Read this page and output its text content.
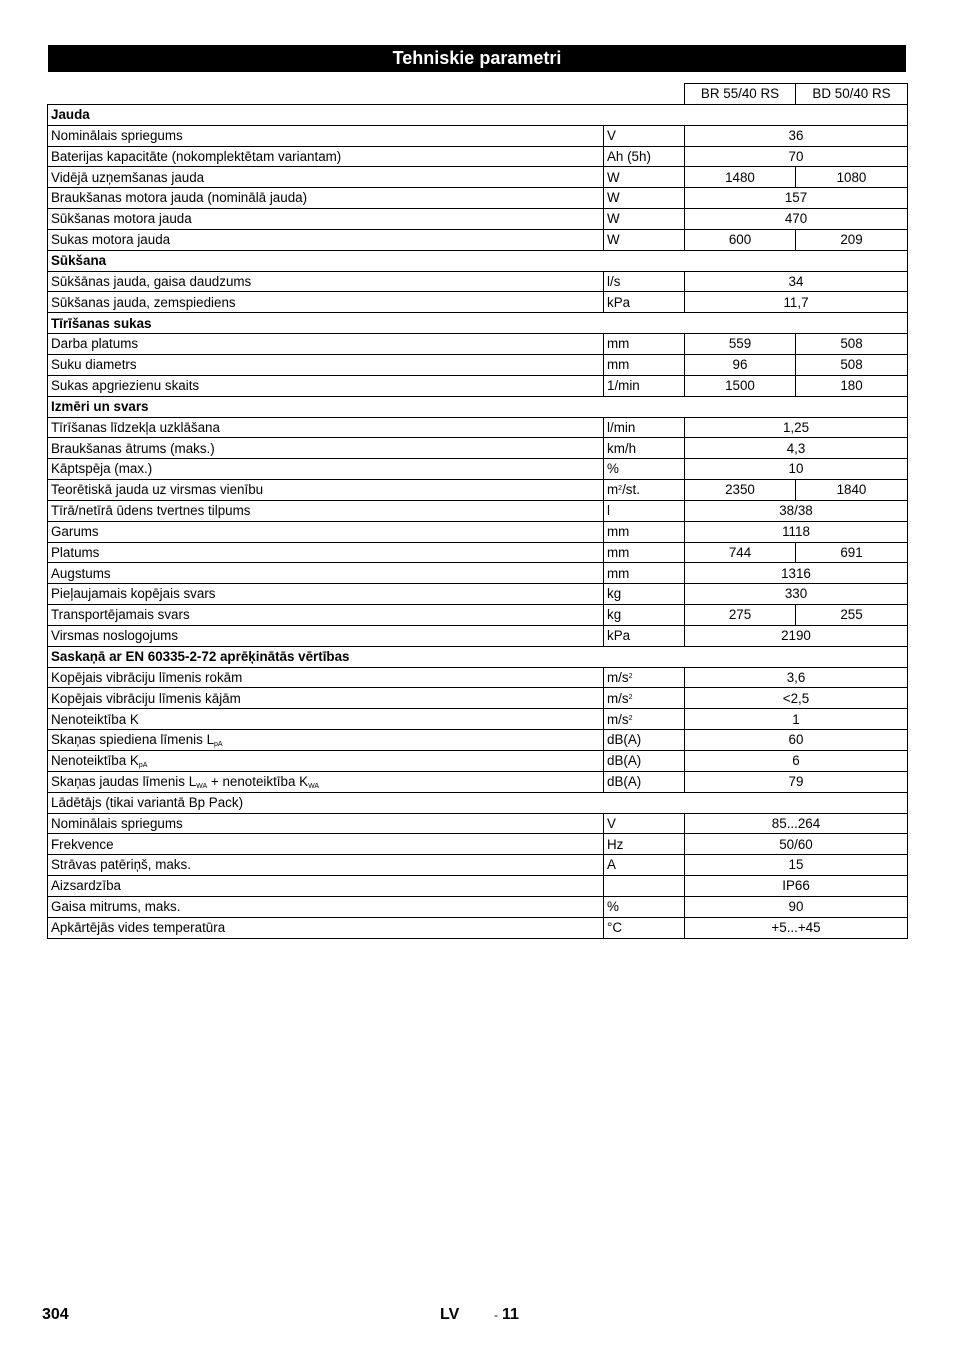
Tehniskie parametri
		BR 55/40 RS	BD 50/40 RS
Jauda			
Nominālais spriegums	V	36	
Baterijas kapacitāte (nokomplektētam variantam)	Ah (5h)	70	
Vidējā uzņemšanas jauda	W	1480	1080
Braukšanas motora jauda (nominālā jauda)	W	157	
Sūkšanas motora jauda	W	470	
Sukas motora jauda	W	600	209
Sūkšana			
Sūkšānas jauda, gaisa daudzums	l/s	34	
Sūkšanas jauda, zemspiediens	kPa	11,7	
Tīrīšanas sukas			
Darba platums	mm	559	508
Suku diametrs	mm	96	508
Sukas apgriezienu skaits	1/min	1500	180
Izmēri un svars			
Tīrīšanas līdzekļa uzklāšana	l/min	1,25	
Braukšanas ātrums (maks.)	km/h	4,3	
Kāptspēja (max.)	%	10	
Teorētiskā jauda uz virsmas vienību	$m^2/st$.	2350	1840
Tīrā/netīrā ūdens tvertnes tilpums	l	38/38	
Garums	mm	1118	
Platums	mm	744	691
Augstums	mm	1316	
Pieļaujamais kopējais svars	kg	330	
Transportējamais svars	kg	275	255
Virsmas noslogojums	kPa	2190	
Saskaņā ar EN 60335-2-72 aprēķinātās vērtības			
Kopējais vibrāciju līmenis rokām	$m/s^2$	3,6	
Kopējais vibrāciju līmenis kājām	$m/s^2$	<2,5	
Nenoteiktība K	$m/s^2$	1	
Skaņas spiediena līmenis $L_{pA}$	dB(A)	60	
Nenoteiktība $K_{pA}$	dB(A)	6	
Skaņas jaudas līmenis $L_{WA}$ + nenoteiktība $K_{WA}$	dB(A)	79	
Lādētājs (tikai variantā Bp Pack)			
Nominālais spriegums	V	85...264	
Frekvence	Hz	50/60	
Strāvas patēriņš, maks.	A	15	
Aizsardzība		IP66	
Gaisa mitrums, maks.	%	90	
Apkārtējās vides temperatūra	°C	+5...+45	
304	LV	- 11
